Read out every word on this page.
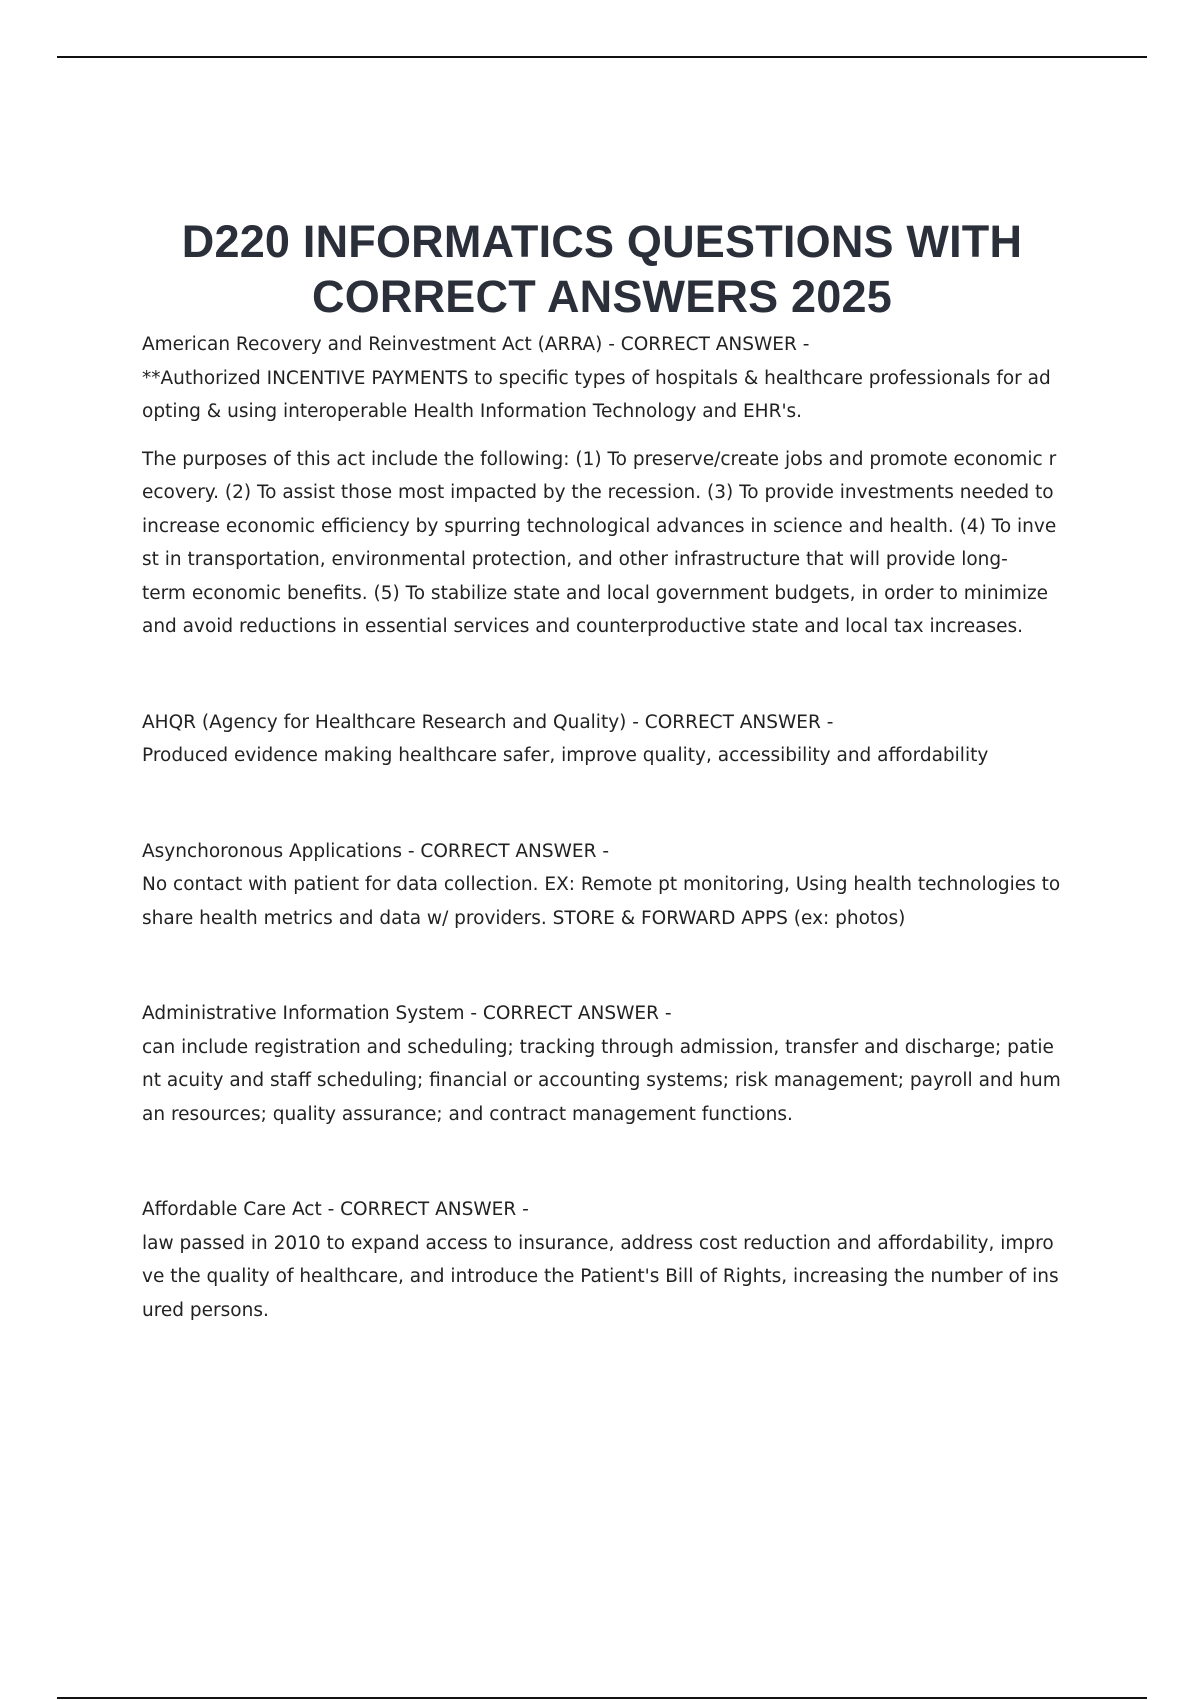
D220 INFORMATICS QUESTIONS WITH CORRECT ANSWERS 2025

American Recovery and Reinvestment Act (ARRA) - CORRECT ANSWER -

**Authorized INCENTIVE PAYMENTS to specific types of hospitals & healthcare professionals for adopting & using interoperable Health Information Technology and EHR's.

The purposes of this act include the following: (1) To preserve/create jobs and promote economic recovery. (2) To assist those most impacted by the recession. (3) To provide investments needed to increase economic efficiency by spurring technological advances in science and health. (4) To invest in transportation, environmental protection, and other infrastructure that will provide long-
term economic benefits. (5) To stabilize state and local government budgets, in order to minimize and avoid reductions in essential services and counterproductive state and local tax increases.

AHQR (Agency for Healthcare Research and Quality) - CORRECT ANSWER -

Produced evidence making healthcare safer, improve quality, accessibility and affordability

Asynchoronous Applications - CORRECT ANSWER -

No contact with patient for data collection. EX: Remote pt monitoring, Using health technologies to share health metrics and data w/ providers. STORE & FORWARD APPS (ex: photos)

Administrative Information System - CORRECT ANSWER -

can include registration and scheduling; tracking through admission, transfer and discharge; patient acuity and staff scheduling; financial or accounting systems; risk management; payroll and human resources; quality assurance; and contract management functions.

Affordable Care Act - CORRECT ANSWER -

law passed in 2010 to expand access to insurance, address cost reduction and affordability, improve the quality of healthcare, and introduce the Patient's Bill of Rights, increasing the number of insured persons.
